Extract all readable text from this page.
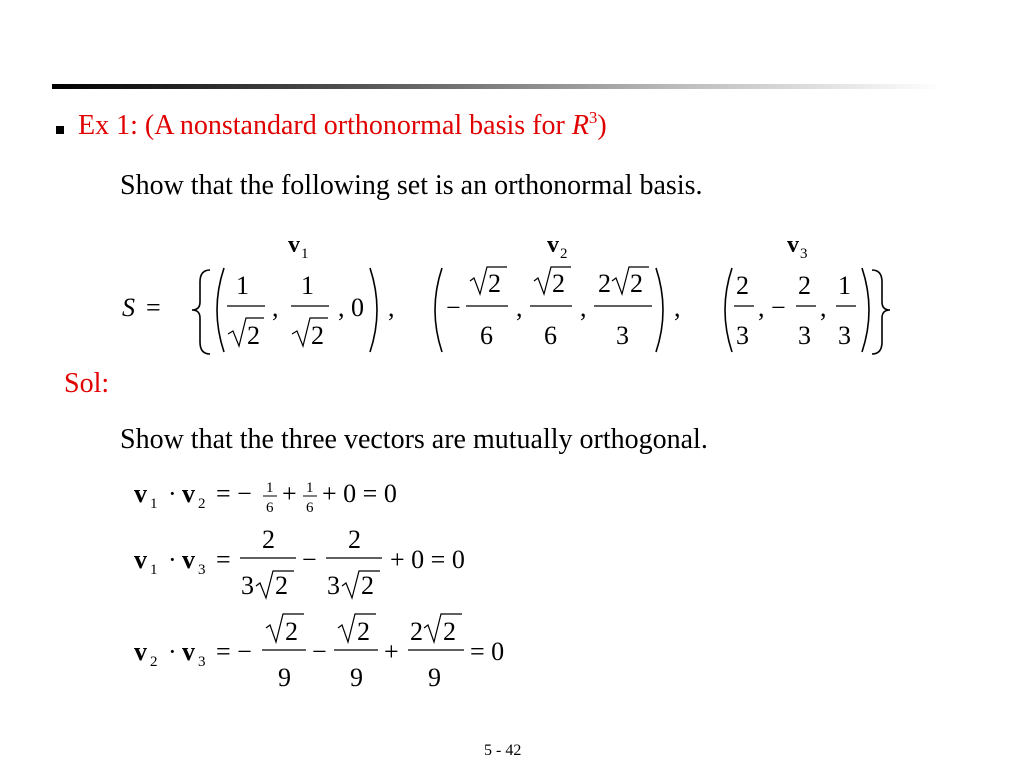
Ex 1: (A nonstandard orthonormal basis for $R^3$)
Show that the following set is an orthonormal basis.
$v_1$	$v_2$	$v_3$
S =
1
2
,
1
2
, 0 , −
2
6
,
2
6
,
2 2
3
,
2
3
, −
2
3
,
1
3
Sol:
Show that the three vectors are mutually orthogonal.
v 1 · v 2 = − 1
6 + 1
6 + 0 = 0
v 1 · v 3 =
2
3 2
−
2
3 2
+ 0 = 0
v 2 · v 3 = −
2
9
−
2
9
+
2 2
9
= 0
5 - 42
